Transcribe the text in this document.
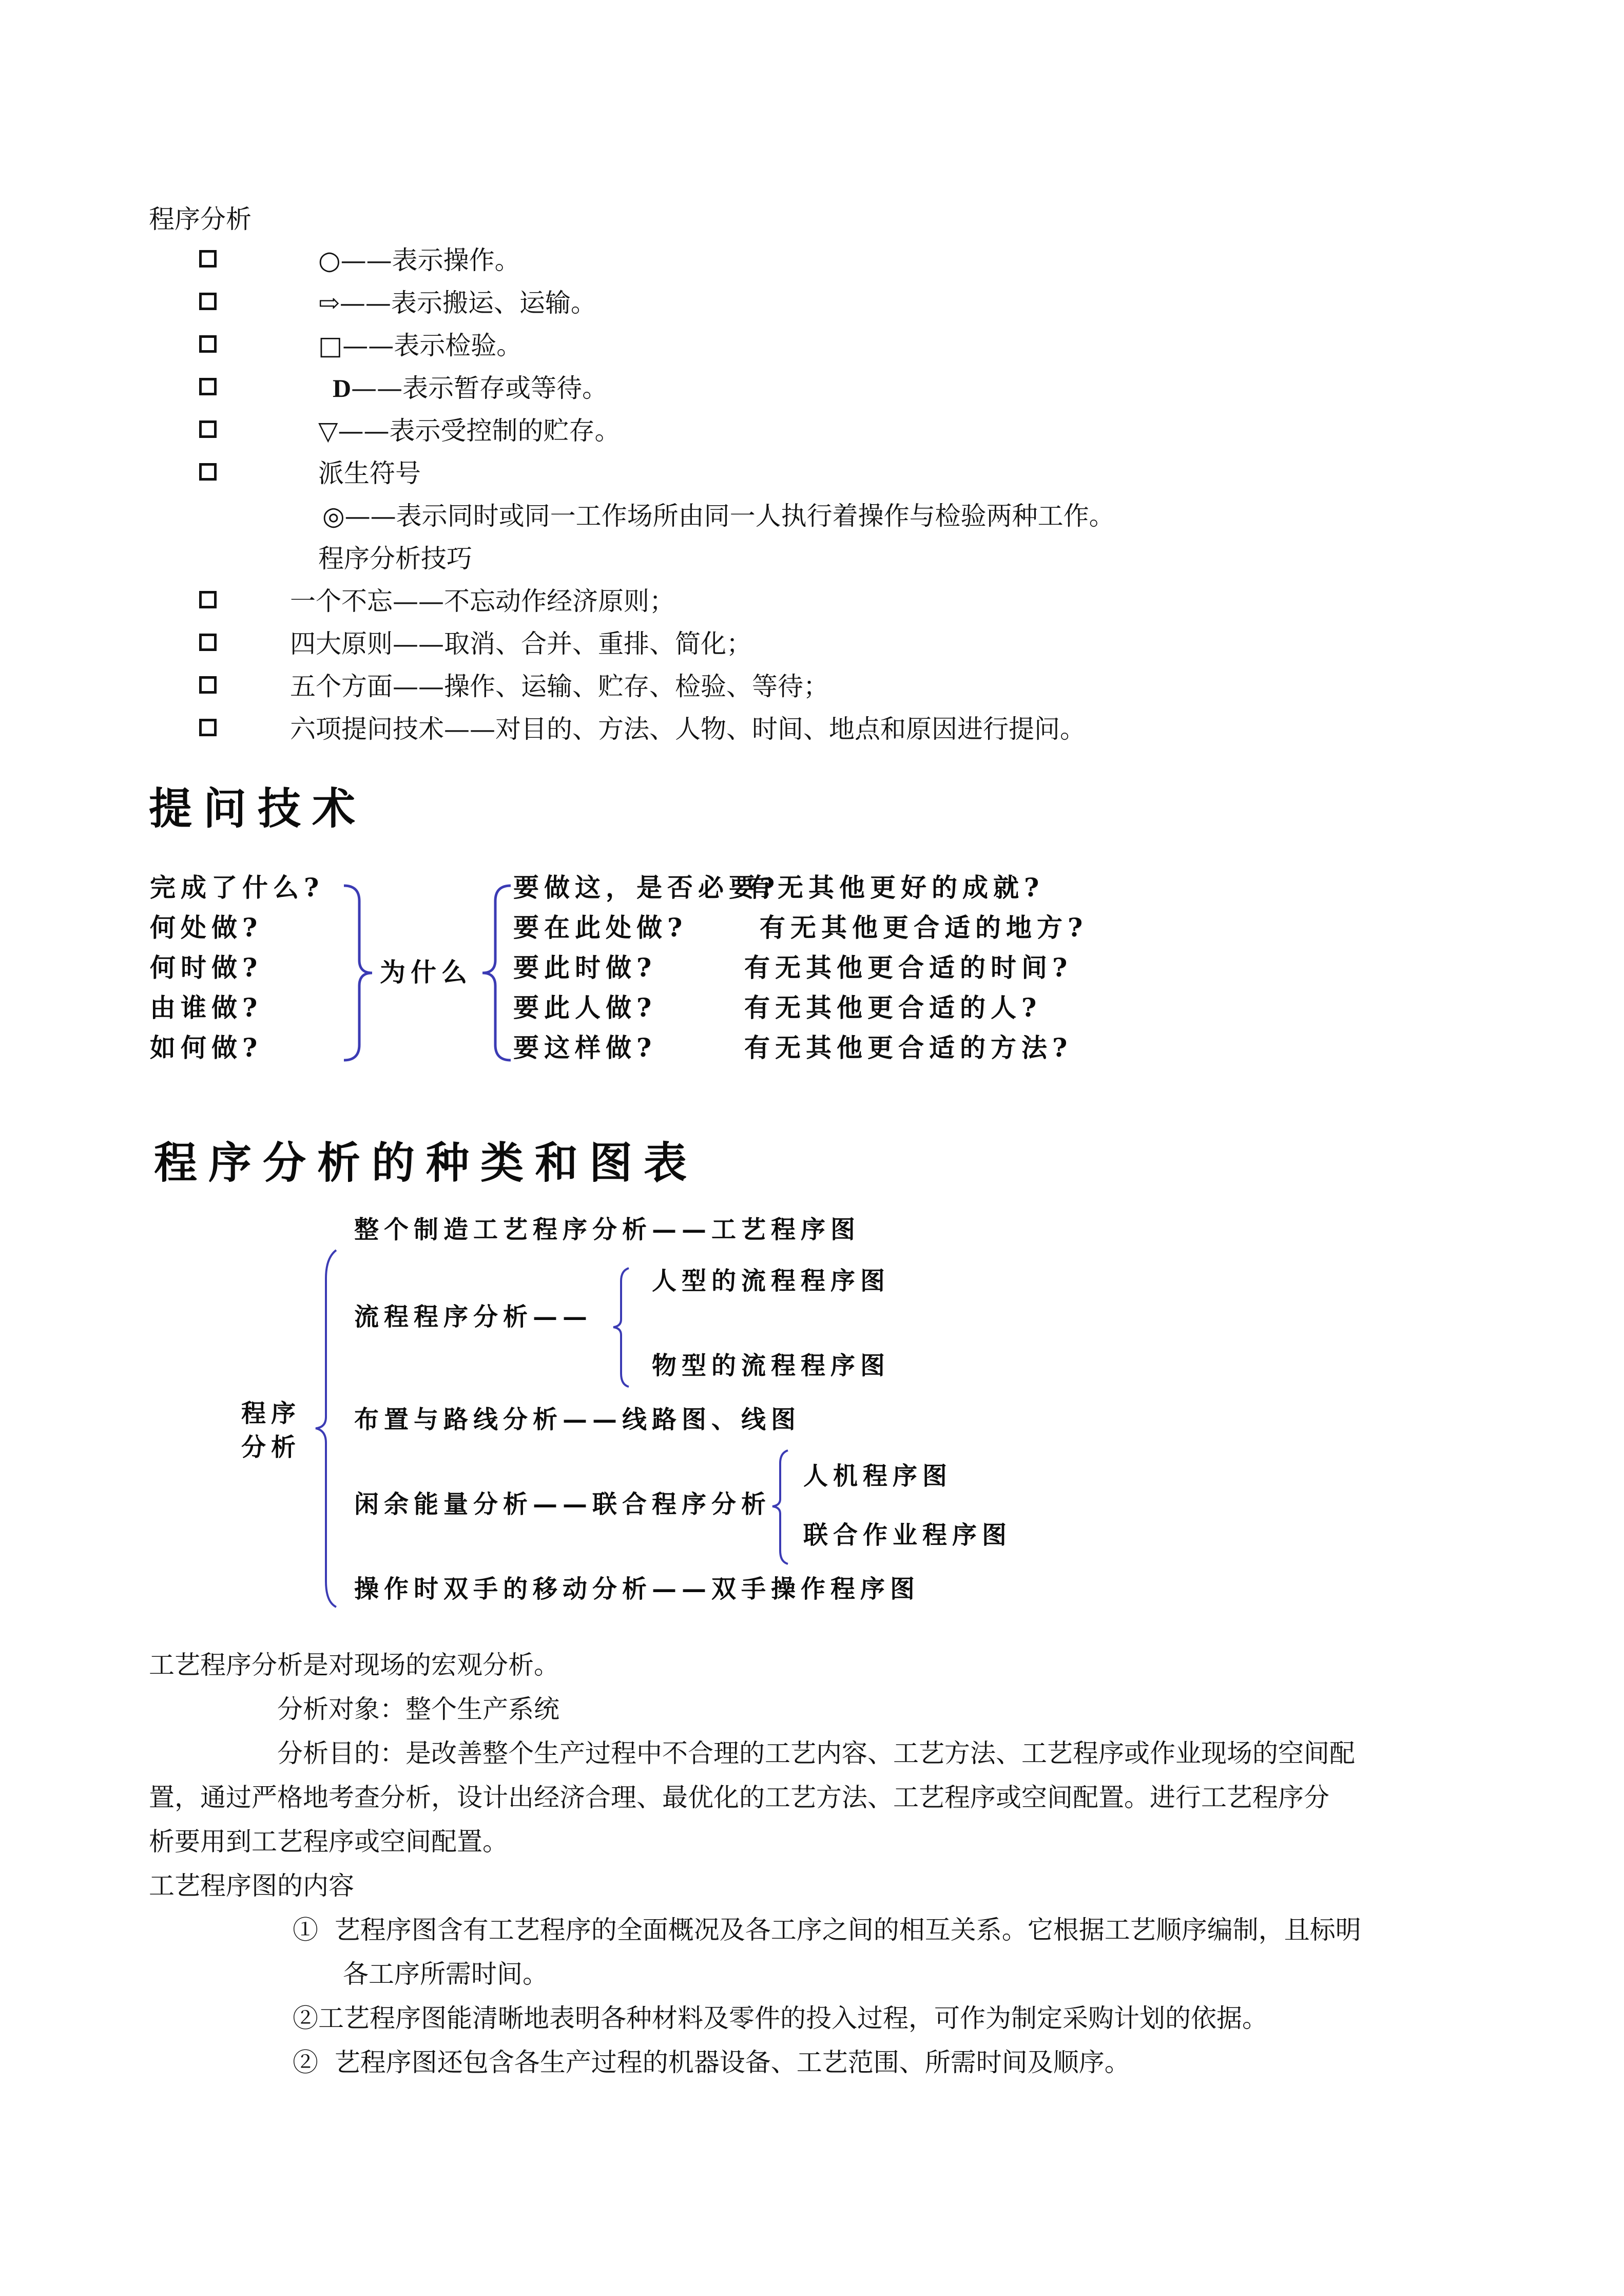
程序分析
○——表示操作。
⇨——表示搬运、运输。
□——表示检验。
D——表示暂存或等待。
▽——表示受控制的贮存。
派生符号
◎——表示同时或同一工作场所由同一人执行着操作与检验两种工作。
程序分析技巧
一个不忘——不忘动作经济原则；
四大原则——取消、合并、重排、简化；
五个方面——操作、运输、贮存、检验、等待；
六项提问技术——对目的、方法、人物、时间、地点和原因进行提问。
提问技术
完成了什么?
何处做?
何时做?
由谁做?
如何做?
为什么
要做这，是否必要?
要在此处做?
要此时做?
要此人做?
要这样做?
有无其他更好的成就?
有无其他更合适的地方?
有无其他更合适的时间?
有无其他更合适的人?
有无其他更合适的方法?
程序分析的种类和图表
程序
分析
整个制造工艺程序分析——工艺程序图
流程程序分析——
人型的流程程序图
物型的流程程序图
布置与路线分析——线路图、线图
闲余能量分析——联合程序分析
人机程序图
联合作业程序图
操作时双手的移动分析——双手操作程序图
工艺程序分析是对现场的宏观分析。
分析对象：整个生产系统
分析目的：是改善整个生产过程中不合理的工艺内容、工艺方法、工艺程序或作业现场的空间配
置，通过严格地考查分析，设计出经济合理、最优化的工艺方法、工艺程序或空间配置。进行工艺程序分
析要用到工艺程序或空间配置。
工艺程序图的内容
① 艺程序图含有工艺程序的全面概况及各工序之间的相互关系。它根据工艺顺序编制，且标明
各工序所需时间。
②工艺程序图能清晰地表明各种材料及零件的投入过程，可作为制定采购计划的依据。
② 艺程序图还包含各生产过程的机器设备、工艺范围、所需时间及顺序。
